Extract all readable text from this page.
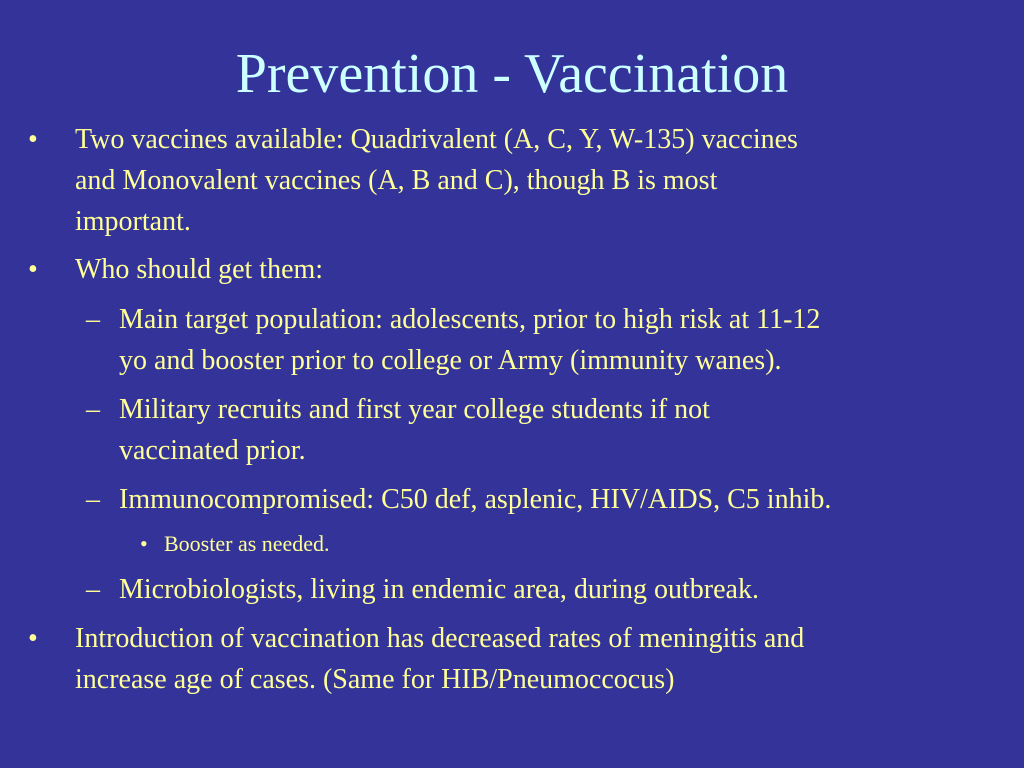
Prevention - Vaccination
• Two vaccines available: Quadrivalent (A, C, Y, W-135) vaccines
and Monovalent vaccines (A, B and C), though B is most
important.
• Who should get them:
– Main target population: adolescents, prior to high risk at 11-12
yo and booster prior to college or Army (immunity wanes).
– Military recruits and first year college students if not
vaccinated prior.
– Immunocompromised: C50 def, asplenic, HIV/AIDS, C5 inhib.
• Booster as needed.
– Microbiologists, living in endemic area, during outbreak.
• Introduction of vaccination has decreased rates of meningitis and
increase age of cases. (Same for HIB/Pneumoccocus)
